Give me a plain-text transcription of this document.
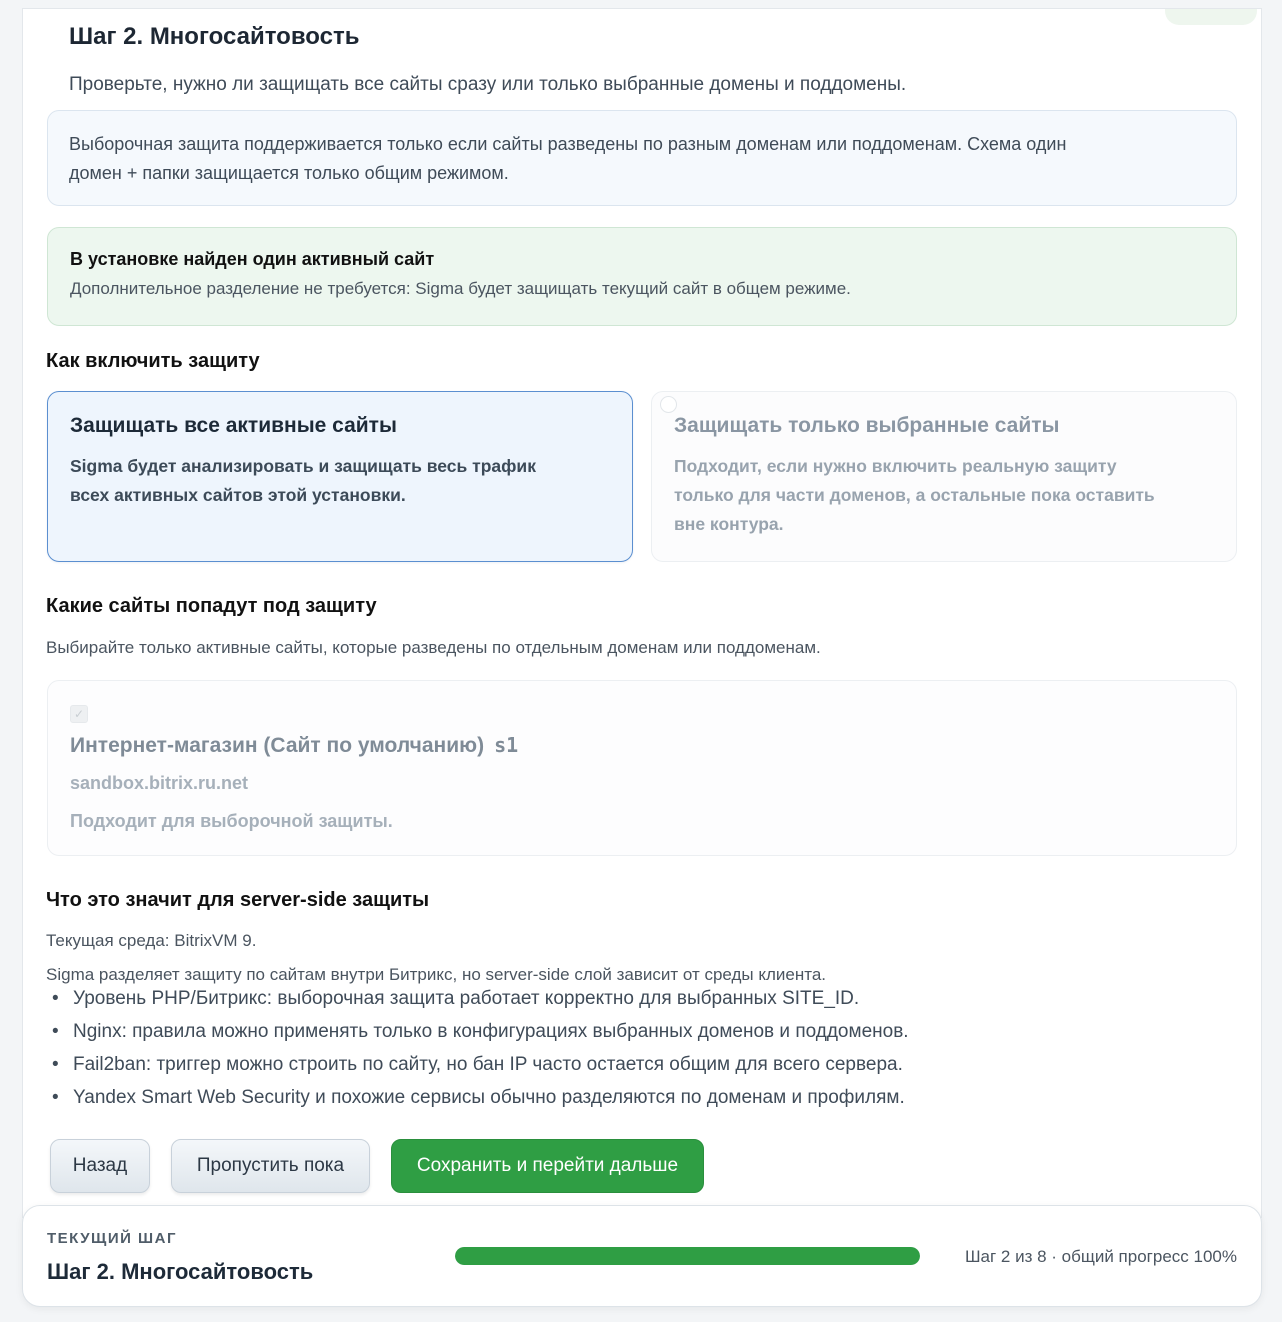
Шаг 2. Многосайтовость

Проверьте, нужно ли защищать все сайты сразу или только выбранные домены и поддомены.

Выборочная защита поддерживается только если сайты разведены по разным доменам или поддоменам. Схема один
домен + папки защищается только общим режимом.
В установке найден один активный сайт
Дополнительное разделение не требуется: Sigma будет защищать текущий сайт в общем режиме.
Как включить защиту
Защищать все активные сайты
Sigma будет анализировать и защищать весь трафик
всех активных сайтов этой установки.
Защищать только выбранные сайты
Подходит, если нужно включить реальную защиту
только для части доменов, а остальные пока оставить
вне контура.
Какие сайты попадут под защиту

Выбирайте только активные сайты, которые разведены по отдельным доменам или поддоменам.

✓
Интернет-магазин (Сайт по умолчанию) s1
sandbox.bitrix.ru.net
Подходит для выборочной защиты.
Что это значит для server-side защиты

Текущая среда: BitrixVM 9.

Sigma разделяет защиту по сайтам внутри Битрикс, но server-side слой зависит от среды клиента.

• Уровень PHP/Битрикс: выборочная защита работает корректно для выбранных SITE_ID.
• Nginx: правила можно применять только в конфигурациях выбранных доменов и поддоменов.
• Fail2ban: триггер можно строить по сайту, но бан IP часто остается общим для всего сервера.
• Yandex Smart Web Security и похожие сервисы обычно разделяются по доменам и профилям.
Назад	Пропустить пока	Сохранить и перейти дальше
ТЕКУЩИЙ ШАГ
Шаг 2. Многосайтовость
Шаг 2 из 8 · общий прогресс 100%
